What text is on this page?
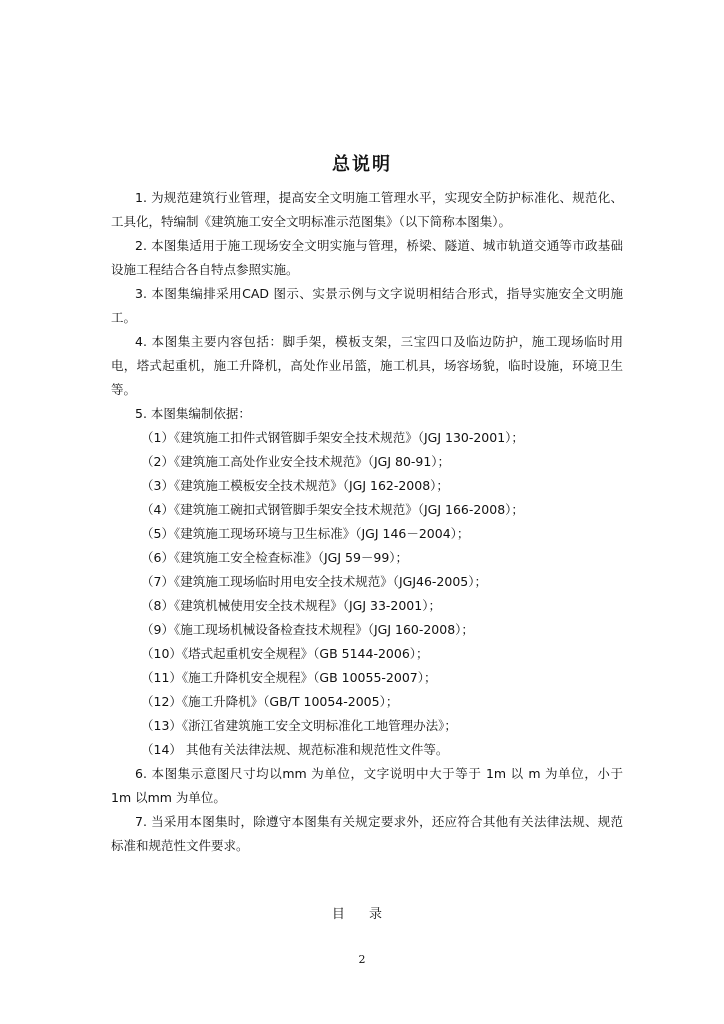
总说明

1. 为规范建筑行业管理，提高安全文明施工管理水平，实现安全防护标准化、规范化、工具化，特编制《建筑施工安全文明标准示范图集》（以下简称本图集）。

2. 本图集适用于施工现场安全文明实施与管理，桥梁、隧道、城市轨道交通等市政基础设施工程结合各自特点参照实施。

3. 本图集编排采用CAD 图示、实景示例与文字说明相结合形式，指导实施安全文明施工。

4. 本图集主要内容包括：脚手架，模板支架，三宝四口及临边防护，施工现场临时用电，塔式起重机，施工升降机，高处作业吊篮，施工机具，场容场貌，临时设施，环境卫生等。

5. 本图集编制依据：

（1）《建筑施工扣件式钢管脚手架安全技术规范》（JGJ 130-2001）；

（2）《建筑施工高处作业安全技术规范》（JGJ 80-91）；

（3）《建筑施工模板安全技术规范》（JGJ 162-2008）；

（4）《建筑施工碗扣式钢管脚手架安全技术规范》（JGJ 166-2008）；

（5）《建筑施工现场环境与卫生标准》（JGJ 146－2004）；

（6）《建筑施工安全检查标准》（JGJ 59－99）；

（7）《建筑施工现场临时用电安全技术规范》（JGJ46-2005）；

（8）《建筑机械使用安全技术规程》（JGJ 33-2001）；

（9）《施工现场机械设备检查技术规程》（JGJ 160-2008）；

（10）《塔式起重机安全规程》（GB 5144-2006）；

（11）《施工升降机安全规程》（GB 10055-2007）；

（12）《施工升降机》（GB/T 10054-2005）；

（13）《浙江省建筑施工安全文明标准化工地管理办法》；

（14） 其他有关法律法规、规范标准和规范性文件等。

6. 本图集示意图尺寸均以mm 为单位，文字说明中大于等于 1m 以 m 为单位，小于 1m 以mm 为单位。

7. 当采用本图集时，除遵守本图集有关规定要求外，还应符合其他有关法律法规、规范标准和规范性文件要求。

目 录
2
